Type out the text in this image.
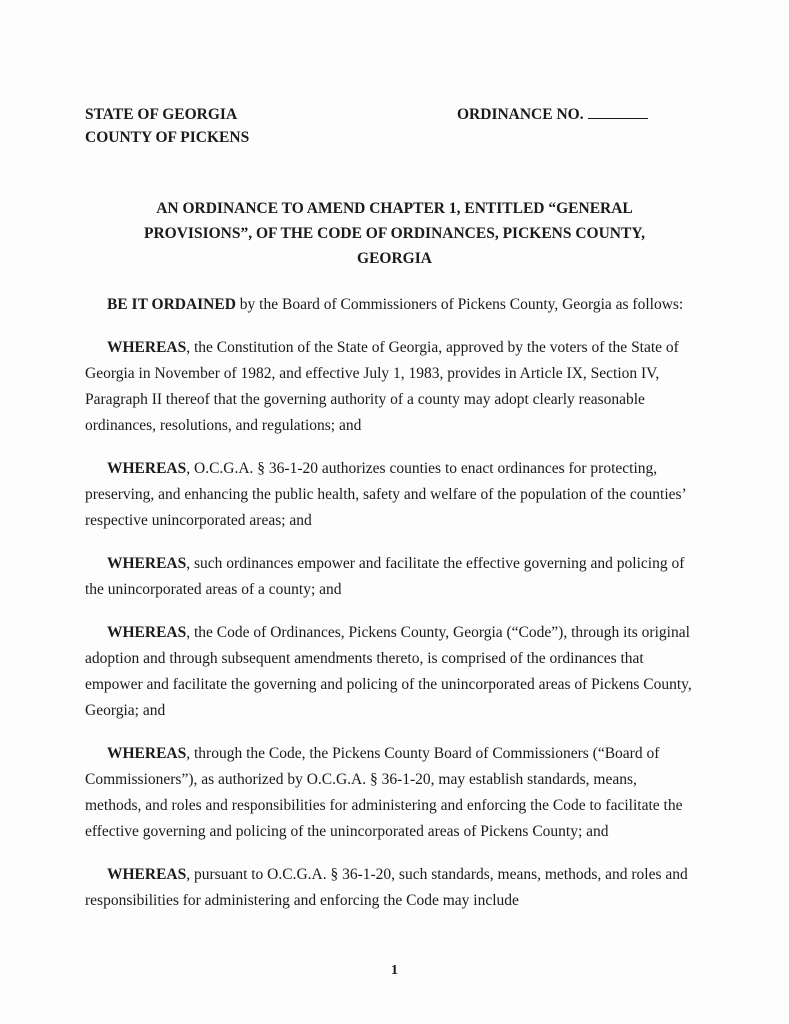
STATE OF GEORGIA
COUNTY OF PICKENS
ORDINANCE NO.
AN ORDINANCE TO AMEND CHAPTER 1, ENTITLED “GENERAL
PROVISIONS”, OF THE CODE OF ORDINANCES, PICKENS COUNTY,
GEORGIA

BE IT ORDAINED by the Board of Commissioners of Pickens County, Georgia as follows:

WHEREAS, the Constitution of the State of Georgia, approved by the voters of the State of Georgia in November of 1982, and effective July 1, 1983, provides in Article IX, Section IV, Paragraph II thereof that the governing authority of a county may adopt clearly reasonable ordinances, resolutions, and regulations; and

WHEREAS, O.C.G.A. § 36-1-20 authorizes counties to enact ordinances for protecting, preserving, and enhancing the public health, safety and welfare of the population of the counties’ respective unincorporated areas; and

WHEREAS, such ordinances empower and facilitate the effective governing and policing of the unincorporated areas of a county; and

WHEREAS, the Code of Ordinances, Pickens County, Georgia (“Code”), through its original adoption and through subsequent amendments thereto, is comprised of the ordinances that empower and facilitate the governing and policing of the unincorporated areas of Pickens County, Georgia; and

WHEREAS, through the Code, the Pickens County Board of Commissioners (“Board of Commissioners”), as authorized by O.C.G.A. § 36-1-20, may establish standards, means, methods, and roles and responsibilities for administering and enforcing the Code to facilitate the effective governing and policing of the unincorporated areas of Pickens County; and

WHEREAS, pursuant to O.C.G.A. § 36-1-20, such standards, means, methods, and roles and responsibilities for administering and enforcing the Code may include

1
